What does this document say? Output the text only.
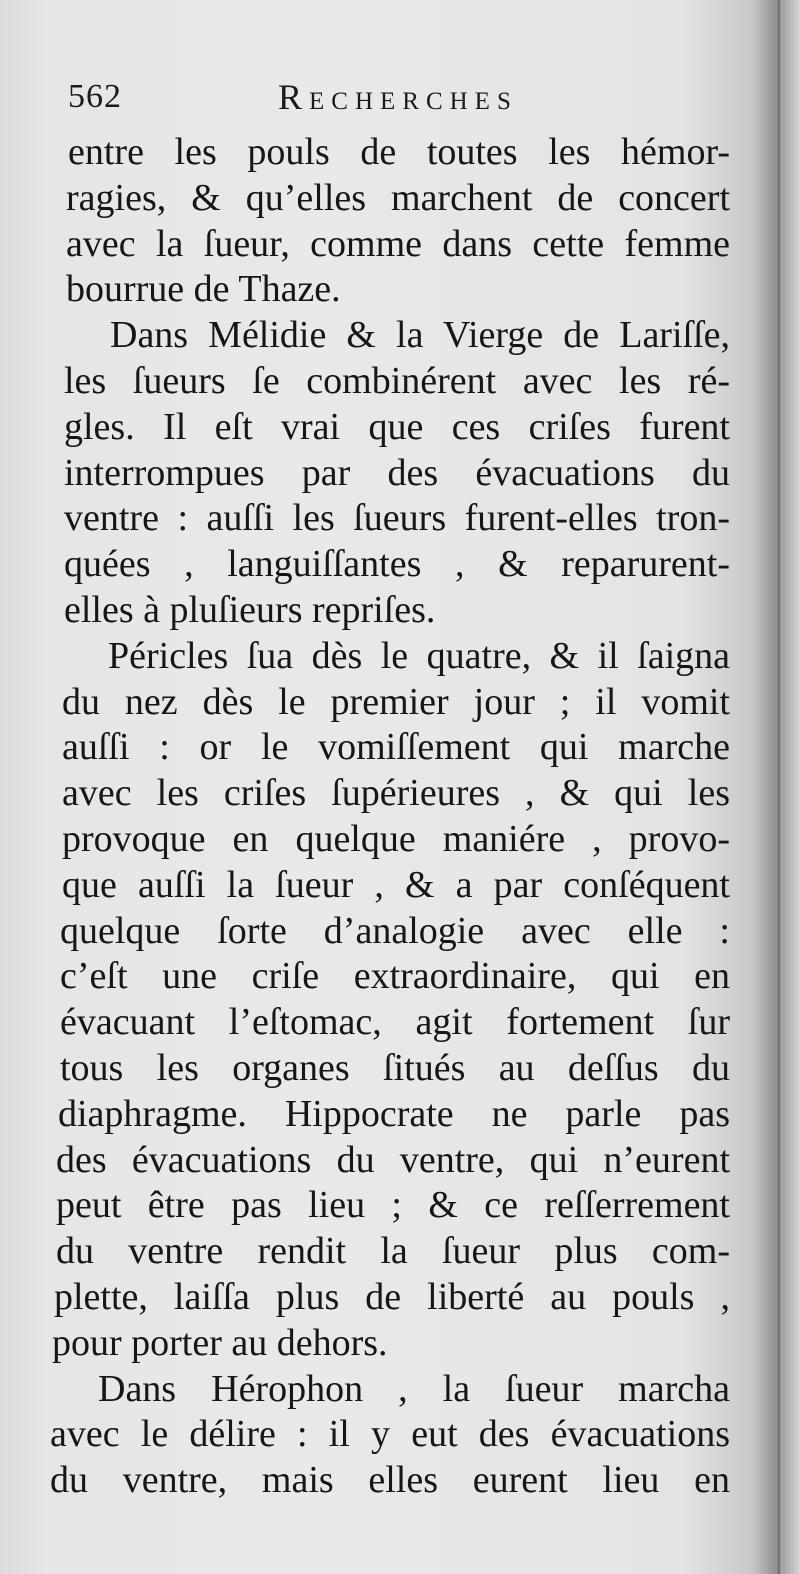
562	Recherches
entre les pouls de toutes les hémor-
ragies, & qu’elles marchent de concert
avec la ſueur, comme dans cette femme
bourrue de Thaze.
Dans Mélidie & la Vierge de Lariſſe,
les ſueurs ſe combinérent avec les ré-
gles. Il eſt vrai que ces criſes furent
interrompues par des évacuations du
ventre : auſſi les ſueurs furent-elles tron-
quées , languiſſantes , & reparurent-
elles à pluſieurs repriſes.
Péricles ſua dès le quatre, & il ſaigna
du nez dès le premier jour ; il vomit
auſſi : or le vomiſſement qui marche
avec les criſes ſupérieures , & qui les
provoque en quelque maniére , provo-
que auſſi la ſueur , & a par conſéquent
quelque ſorte d’analogie avec elle :
c’eſt une criſe extraordinaire, qui en
évacuant l’eſtomac, agit fortement ſur
tous les organes ſitués au deſſus du
diaphragme. Hippocrate ne parle pas
des évacuations du ventre, qui n’eurent
peut être pas lieu ; & ce reſſerrement
du ventre rendit la ſueur plus com-
plette, laiſſa plus de liberté au pouls ,
pour porter au dehors.
Dans Hérophon , la ſueur marcha
avec le délire : il y eut des évacuations
du ventre, mais elles eurent lieu en
